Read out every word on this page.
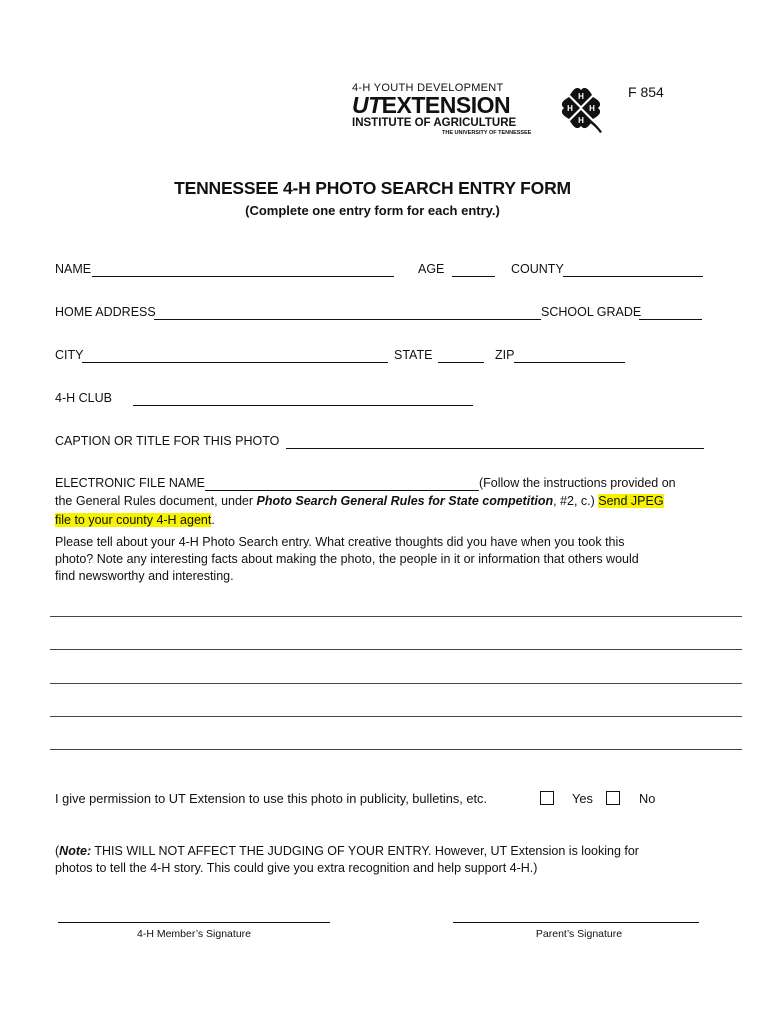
4-H YOUTH DEVELOPMENT
UTEXTENSION
INSTITUTE OF AGRICULTURE
THE UNIVERSITY OF TENNESSEE
H
H
H
H
F 854
TENNESSEE 4-H PHOTO SEARCH ENTRY FORM
(Complete one entry form for each entry.)
NAME	AGE	COUNTY
HOME ADDRESS	SCHOOL GRADE
CITY	STATE	ZIP
4-H CLUB
CAPTION OR TITLE FOR THIS PHOTO
ELECTRONIC FILE NAME	(Follow the instructions provided on
the General Rules document, under Photo Search General Rules for State competition, #2, c.) Send JPEG
file to your county 4-H agent.
Please tell about your 4-H Photo Search entry. What creative thoughts did you have when you took this
photo? Note any interesting facts about making the photo, the people in it or information that others would
find newsworthy and interesting.
I give permission to UT Extension to use this photo in publicity, bulletins, etc.	Yes	No
(Note: THIS WILL NOT AFFECT THE JUDGING OF YOUR ENTRY. However, UT Extension is looking for
photos to tell the 4-H story. This could give you extra recognition and help support 4-H.)
4-H Member’s Signature	Parent’s Signature
